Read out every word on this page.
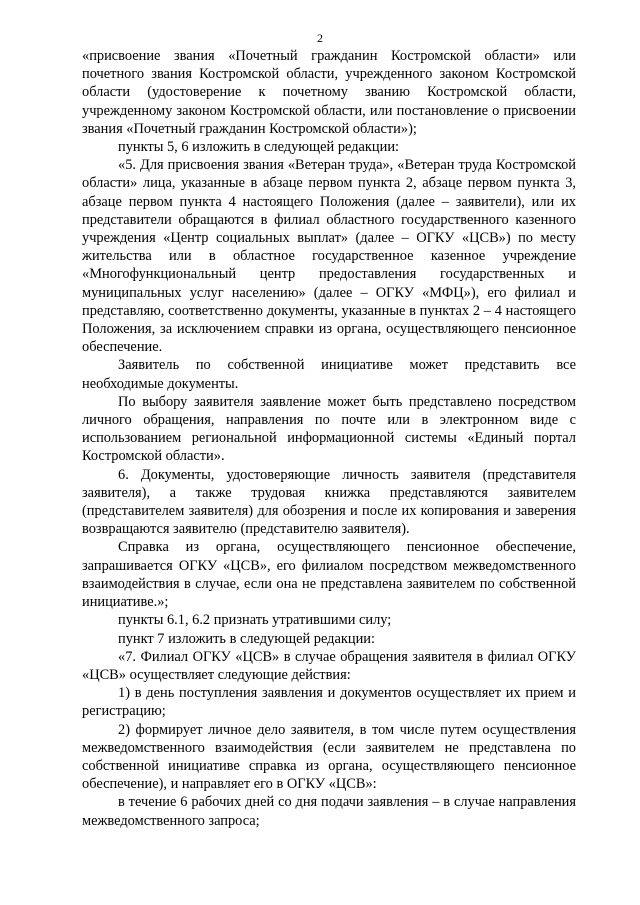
2

«присвоение звания «Почетный гражданин Костромской области» или почетного звания Костромской области, учрежденного законом Костромской области (удостоверение к почетному званию Костромской области, учрежденному законом Костромской области, или постановление о присвоении звания «Почетный гражданин Костромской области»);

пункты 5, 6 изложить в следующей редакции:

«5. Для присвоения звания «Ветеран труда», «Ветеран труда Костромской области» лица, указанные в абзаце первом пункта 2, абзаце первом пункта 3, абзаце первом пункта 4 настоящего Положения (далее – заявители), или их представители обращаются в филиал областного государственного казенного учреждения «Центр социальных выплат» (далее – ОГКУ «ЦСВ») по месту жительства или в областное государственное казенное учреждение «Многофункциональный центр предоставления государственных и муниципальных услуг населению» (далее – ОГКУ «МФЦ»), его филиал и представляю, соответственно документы, указанные в пунктах 2 – 4 настоящего Положения, за исключением справки из органа, осуществляющего пенсионное обеспечение.

Заявитель по собственной инициативе может представить все необходимые документы.

По выбору заявителя заявление может быть представлено посредством личного обращения, направления по почте или в электронном виде с использованием региональной информационной системы «Единый портал Костромской области».

6. Документы, удостоверяющие личность заявителя (представителя заявителя), а также трудовая книжка представляются заявителем (представителем заявителя) для обозрения и после их копирования и заверения возвращаются заявителю (представителю заявителя).

Справка из органа, осуществляющего пенсионное обеспечение, запрашивается ОГКУ «ЦСВ», его филиалом посредством межведомственного взаимодействия в случае, если она не представлена заявителем по собственной инициативе.»;

пункты 6.1, 6.2 признать утратившими силу;

пункт 7 изложить в следующей редакции:

«7. Филиал ОГКУ «ЦСВ» в случае обращения заявителя в филиал ОГКУ «ЦСВ» осуществляет следующие действия:

1) в день поступления заявления и документов осуществляет их прием и регистрацию;

2) формирует личное дело заявителя, в том числе путем осуществления межведомственного взаимодействия (если заявителем не представлена по собственной инициативе справка из органа, осуществляющего пенсионное обеспечение), и направляет его в ОГКУ «ЦСВ»:

в течение 6 рабочих дней со дня подачи заявления – в случае направления межведомственного запроса;
